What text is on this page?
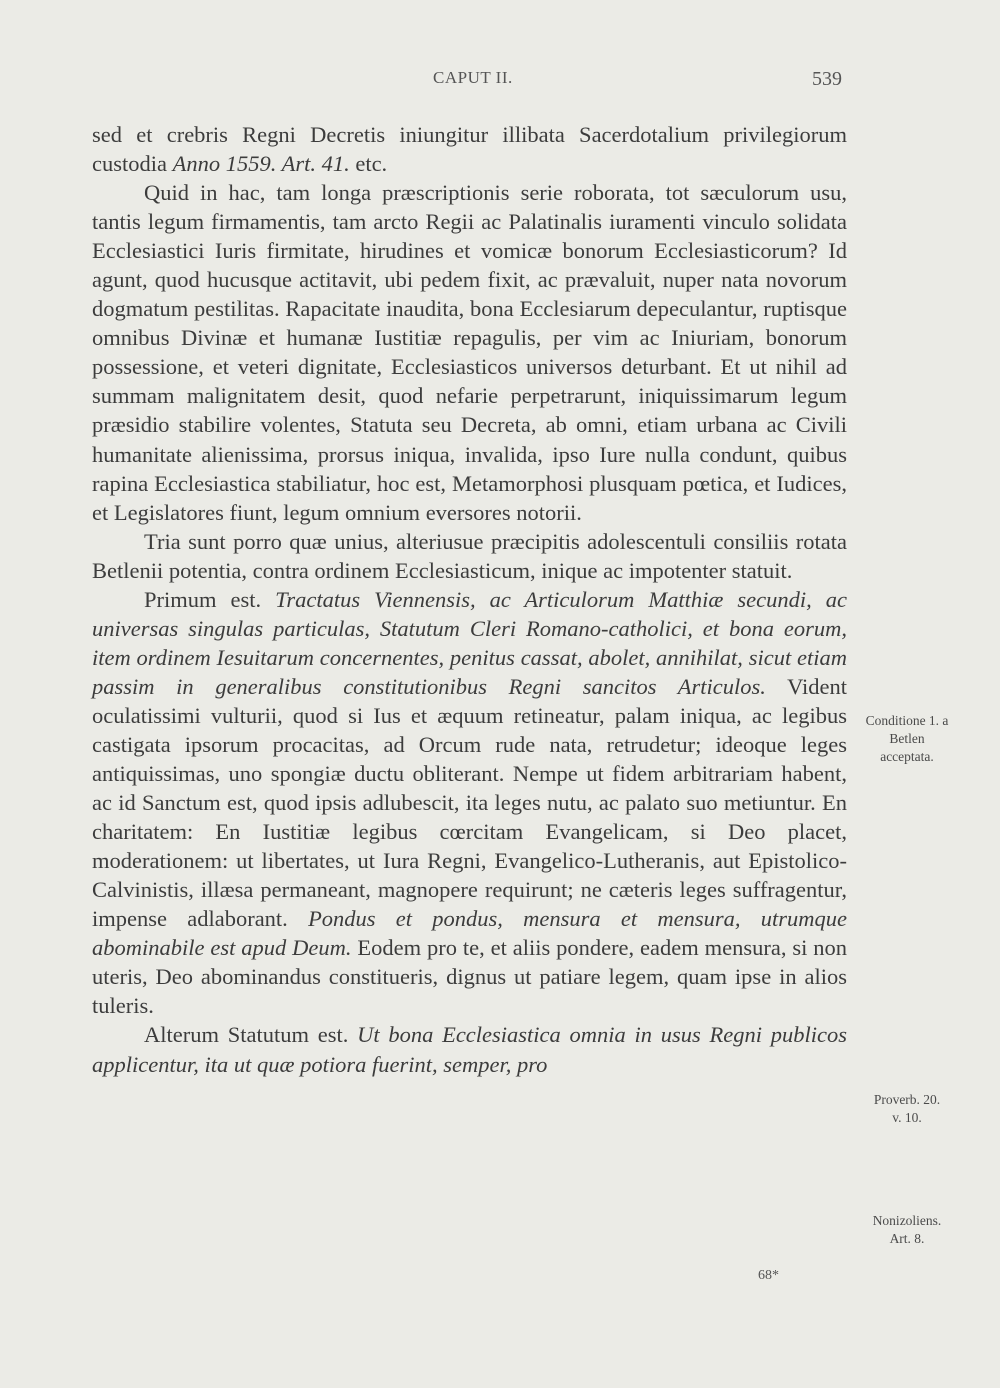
CAPUT II.	539

sed et crebris Regni Decretis iniungitur illibata Sacerdotalium privilegiorum custodia Anno 1559. Art. 41. etc.

Quid in hac, tam longa præscriptionis serie roborata, tot sæculorum usu, tantis legum firmamentis, tam arcto Regii ac Palatinalis iuramenti vinculo solidata Ecclesiastici Iuris firmitate, hirudines et vomicæ bonorum Ecclesiasticorum? Id agunt, quod hucusque actitavit, ubi pedem fixit, ac prævaluit, nuper nata novorum dogmatum pestilitas. Rapacitate inaudita, bona Ecclesiarum depeculantur, ruptisque omnibus Divinæ et humanæ Iustitiæ repagulis, per vim ac Iniuriam, bonorum possessione, et veteri dignitate, Ecclesiasticos universos deturbant. Et ut nihil ad summam malignitatem desit, quod nefarie perpetrarunt, iniquissimarum legum præsidio stabilire volentes, Statuta seu Decreta, ab omni, etiam urbana ac Civili humanitate alienissima, prorsus iniqua, invalida, ipso Iure nulla condunt, quibus rapina Ecclesiastica stabiliatur, hoc est, Metamorphosi plusquam pœtica, et Iudices, et Legislatores fiunt, legum omnium eversores notorii.

Tria sunt porro quæ unius, alteriusue præcipitis adolescentuli consiliis rotata Betlenii potentia, contra ordinem Ecclesiasticum, inique ac impotenter statuit.

Primum est. Tractatus Viennensis, ac Articulorum Matthiæ secundi, ac universas singulas particulas, Statutum Cleri Romano-catholici, et bona eorum, item ordinem Iesuitarum concernentes, penitus cassat, abolet, annihilat, sicut etiam passim in generalibus constitutionibus Regni sancitos Articulos. Vident oculatissimi vulturii, quod si Ius et æquum retineatur, palam iniqua, ac legibus castigata ipsorum procacitas, ad Orcum rude nata, retrudetur; ideoque leges antiquissimas, uno spongiæ ductu obliterant. Nempe ut fidem arbitrariam habent, ac id Sanctum est, quod ipsis adlubescit, ita leges nutu, ac palato suo metiuntur. En charitatem: En Iustitiæ legibus cœrcitam Evangelicam, si Deo placet, moderationem: ut libertates, ut Iura Regni, Evangelico-Lutheranis, aut Epistolico-Calvinistis, illæsa permaneant, magnopere requirunt; ne cæteris leges suffragentur, impense adlaborant. Pondus et pondus, mensura et mensura, utrumque abominabile est apud Deum. Eodem pro te, et aliis pondere, eadem mensura, si non uteris, Deo abominandus constitueris, dignus ut patiare legem, quam ipse in alios tuleris.

Alterum Statutum est. Ut bona Ecclesiastica omnia in usus Regni publicos applicentur, ita ut quæ potiora fuerint, semper, pro

Conditione 1. a
Betlen
acceptata.
Proverb. 20.
v. 10.
Nonizoliens.
Art. 8.
68*
